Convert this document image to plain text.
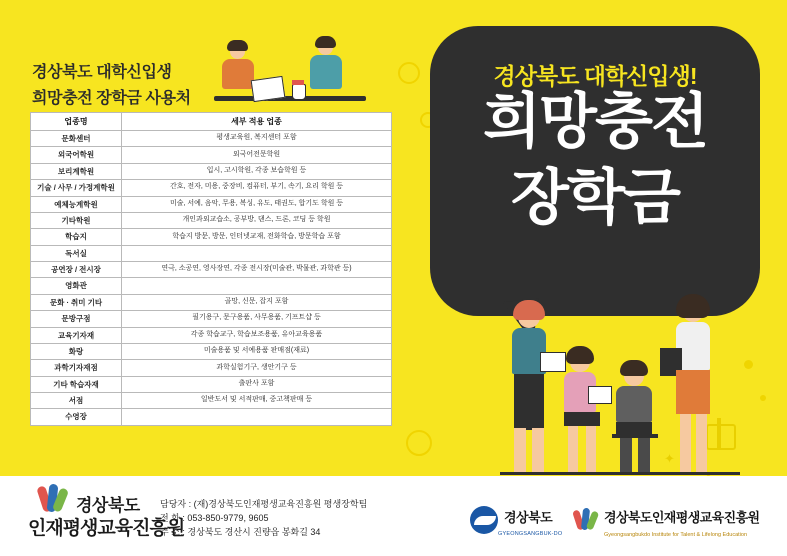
✦
경상북도 대학신입생
희망충전 장학금 사용처
업종명	세부 적용 업종
문화센터	평생교육원, 복지센터 포함
외국어학원	외국어전문학원
보리계학원	입시, 고시학원, 각종 보습학원 등
기술 / 사무 / 가정계학원	간호, 전자, 미용, 중장비, 컴퓨터, 부기, 속기, 요리 학원 등
예체능계학원	미술, 서예, 음악, 무용, 복싱, 유도, 태권도, 합기도 학원 등
기타학원	개인과외교습소, 공부방, 댄스, 드론, 코딩 등 학원
학습지	학습지 방문, 방문, 인터넷교재, 전화학습, 방문학습 포함
독서실	
공연장 / 전시장	연극, 소공연, 영사장연, 각종 전시장(미술관, 박물관, 과학관 등)
영화관	
문화 · 취미 기타	골망, 신문, 잡지 포함
문방구점	필기용구, 문구용품, 사무용품, 기프트샵 등
교육기자재	각종 학습교구, 학습보조용품, 유아교육용품
화랑	미술용품 및 서예용품 판매점(재료)
과학기자재점	과학실험기구, 생안기구 등
기타 학습자재	출판사 포함
서점	일반도서 및 서적판매, 중고책판매 등
수영장	
경상북도 대학신입생!
희망충전
장학금
경상북도
인재평생교육진흥원
담당자 : (재)경상북도인재평생교육진흥원 평생장학팀
전 화 : 053-850-9779, 9605
주 소 : 경상북도 경산시 진량읍 봉화길 34
경상북도
GYEONGSANGBUK-DO
경상북도인재평생교육진흥원
Gyeongsangbukdo Institute for Talent & Lifelong Education
